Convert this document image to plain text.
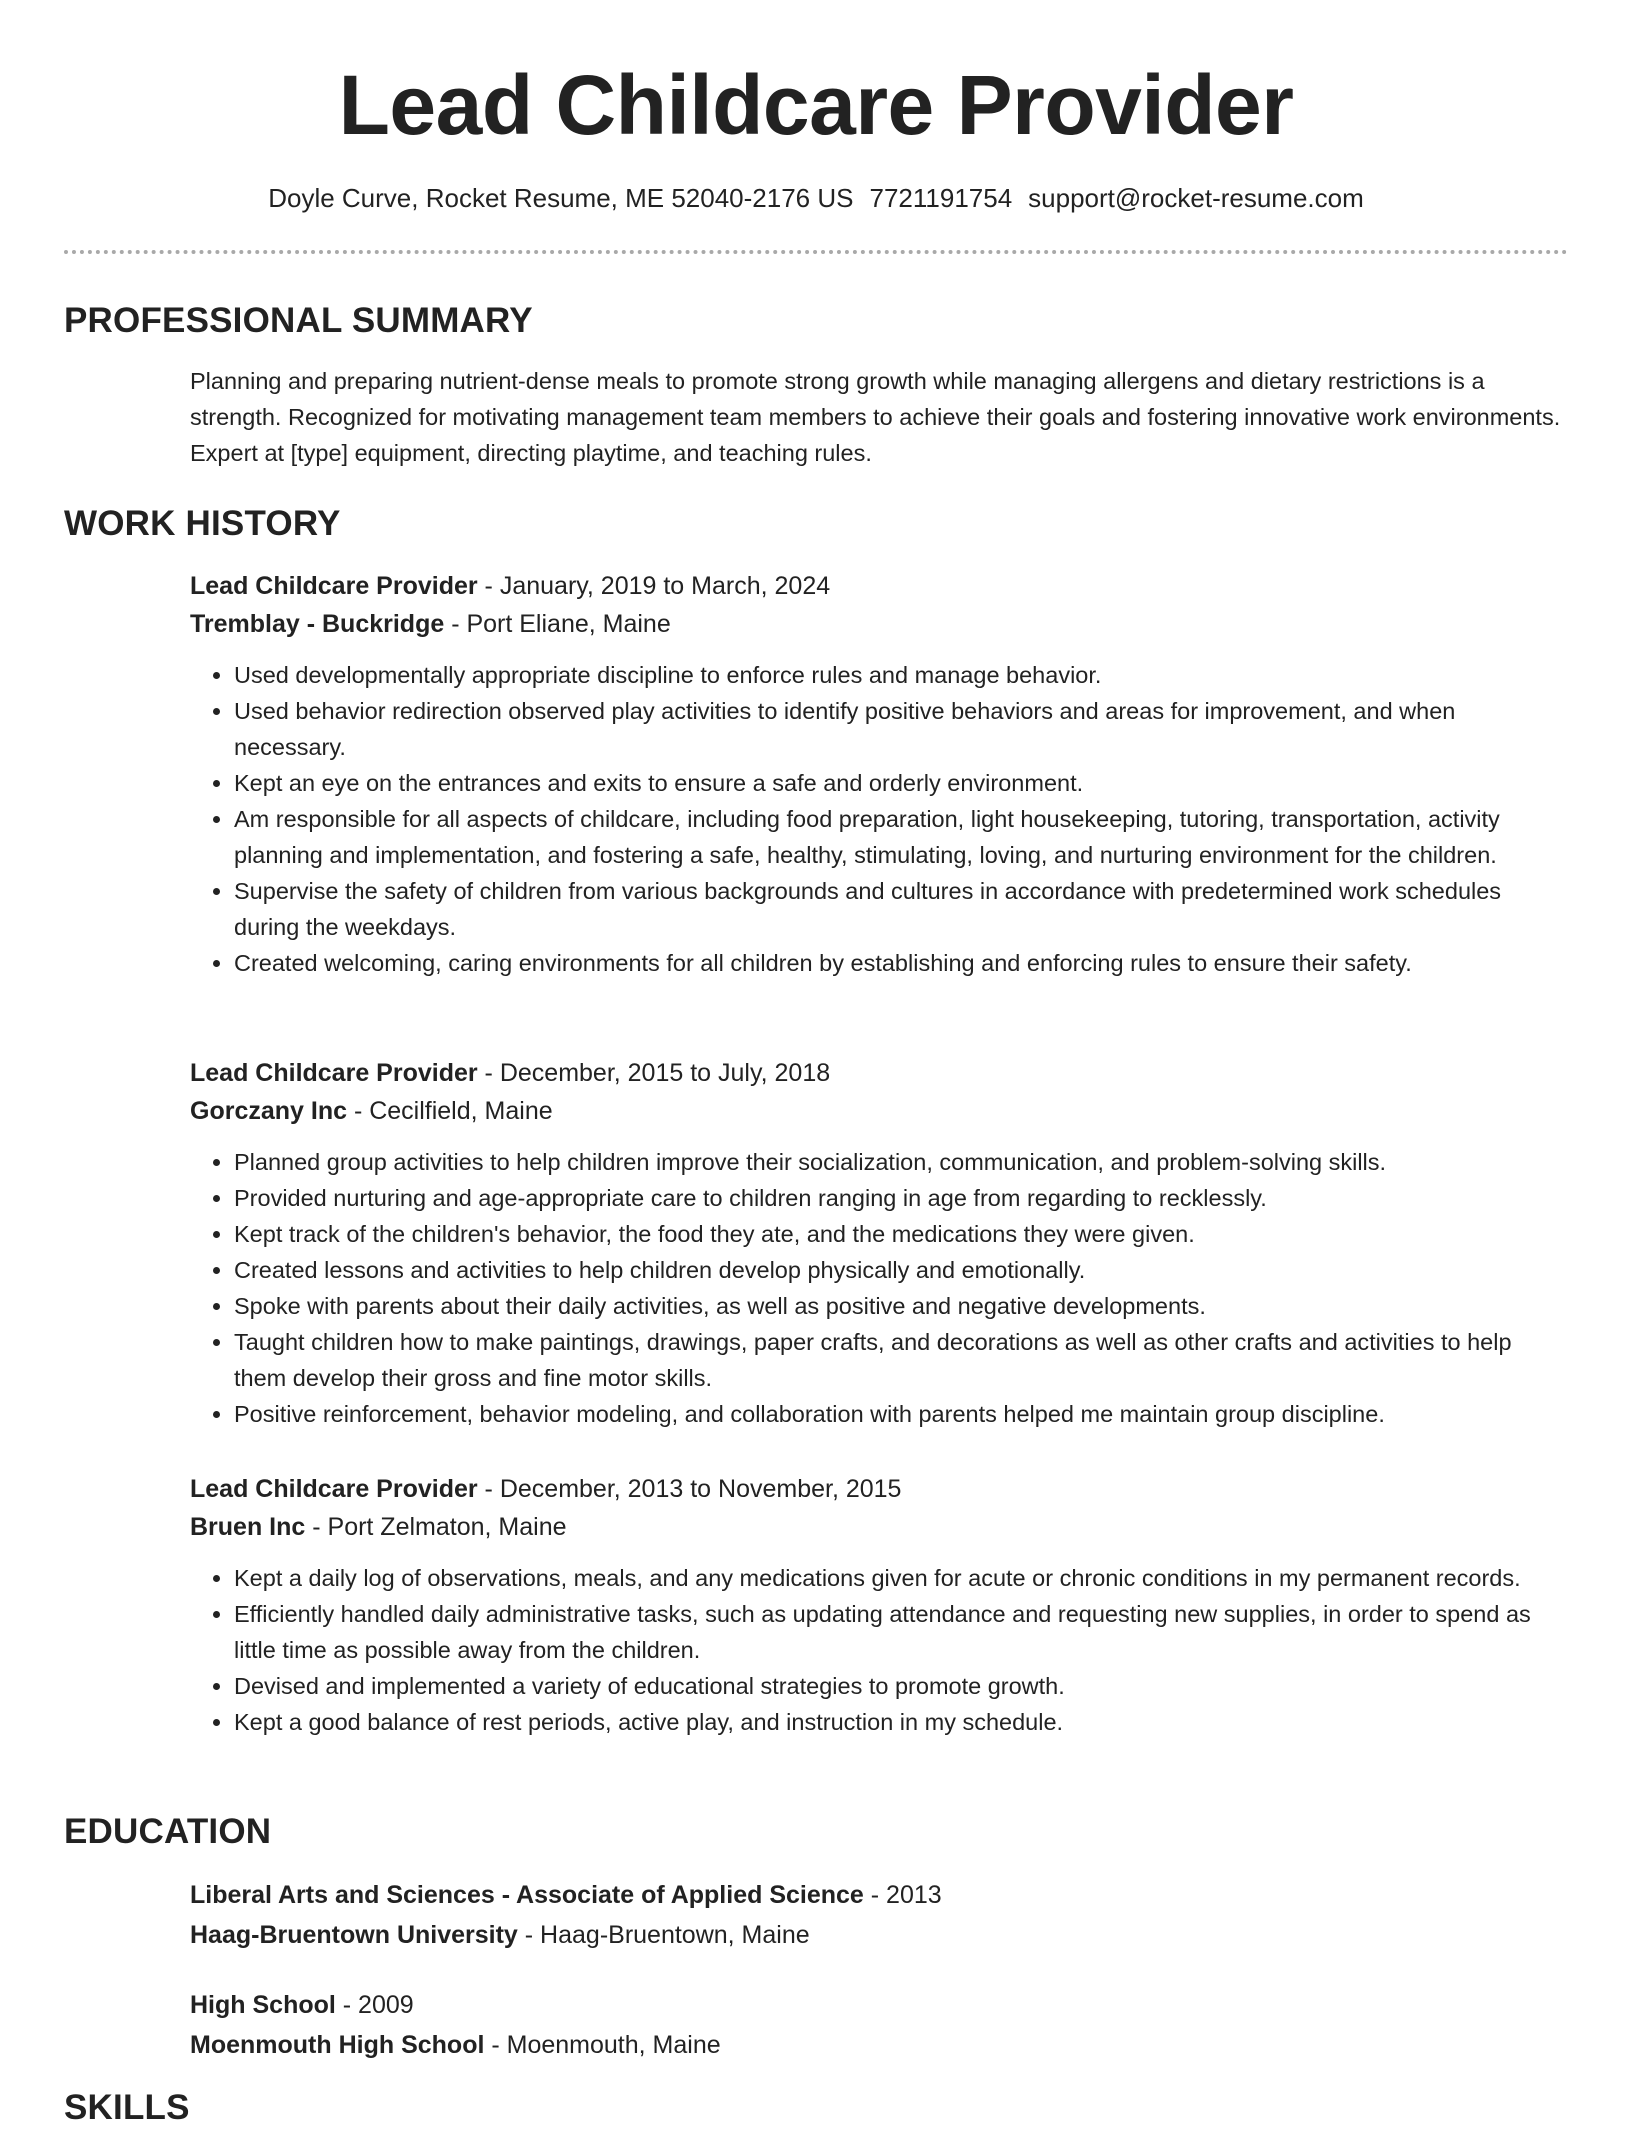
Lead Childcare Provider
Doyle Curve, Rocket Resume, ME 52040-2176 US 7721191754 support@rocket-resume.com
PROFESSIONAL SUMMARY
Planning and preparing nutrient-dense meals to promote strong growth while managing allergens and dietary restrictions is a strength. Recognized for motivating management team members to achieve their goals and fostering innovative work environments. Expert at [type] equipment, directing playtime, and teaching rules.
WORK HISTORY
Lead Childcare Provider - January, 2019 to March, 2024
Tremblay - Buckridge - Port Eliane, Maine
• Used developmentally appropriate discipline to enforce rules and manage behavior.
• Used behavior redirection observed play activities to identify positive behaviors and areas for improvement, and when necessary.
• Kept an eye on the entrances and exits to ensure a safe and orderly environment.
• Am responsible for all aspects of childcare, including food preparation, light housekeeping, tutoring, transportation, activity planning and implementation, and fostering a safe, healthy, stimulating, loving, and nurturing environment for the children.
• Supervise the safety of children from various backgrounds and cultures in accordance with predetermined work schedules during the weekdays.
• Created welcoming, caring environments for all children by establishing and enforcing rules to ensure their safety.
Lead Childcare Provider - December, 2015 to July, 2018
Gorczany Inc - Cecilfield, Maine
• Planned group activities to help children improve their socialization, communication, and problem-solving skills.
• Provided nurturing and age-appropriate care to children ranging in age from regarding to recklessly.
• Kept track of the children's behavior, the food they ate, and the medications they were given.
• Created lessons and activities to help children develop physically and emotionally.
• Spoke with parents about their daily activities, as well as positive and negative developments.
• Taught children how to make paintings, drawings, paper crafts, and decorations as well as other crafts and activities to help them develop their gross and fine motor skills.
• Positive reinforcement, behavior modeling, and collaboration with parents helped me maintain group discipline.
Lead Childcare Provider - December, 2013 to November, 2015
Bruen Inc - Port Zelmaton, Maine
• Kept a daily log of observations, meals, and any medications given for acute or chronic conditions in my permanent records.
• Efficiently handled daily administrative tasks, such as updating attendance and requesting new supplies, in order to spend as little time as possible away from the children.
• Devised and implemented a variety of educational strategies to promote growth.
• Kept a good balance of rest periods, active play, and instruction in my schedule.
EDUCATION
Liberal Arts and Sciences - Associate of Applied Science - 2013
Haag-Bruentown University - Haag-Bruentown, Maine
High School - 2009
Moenmouth High School - Moenmouth, Maine
SKILLS
